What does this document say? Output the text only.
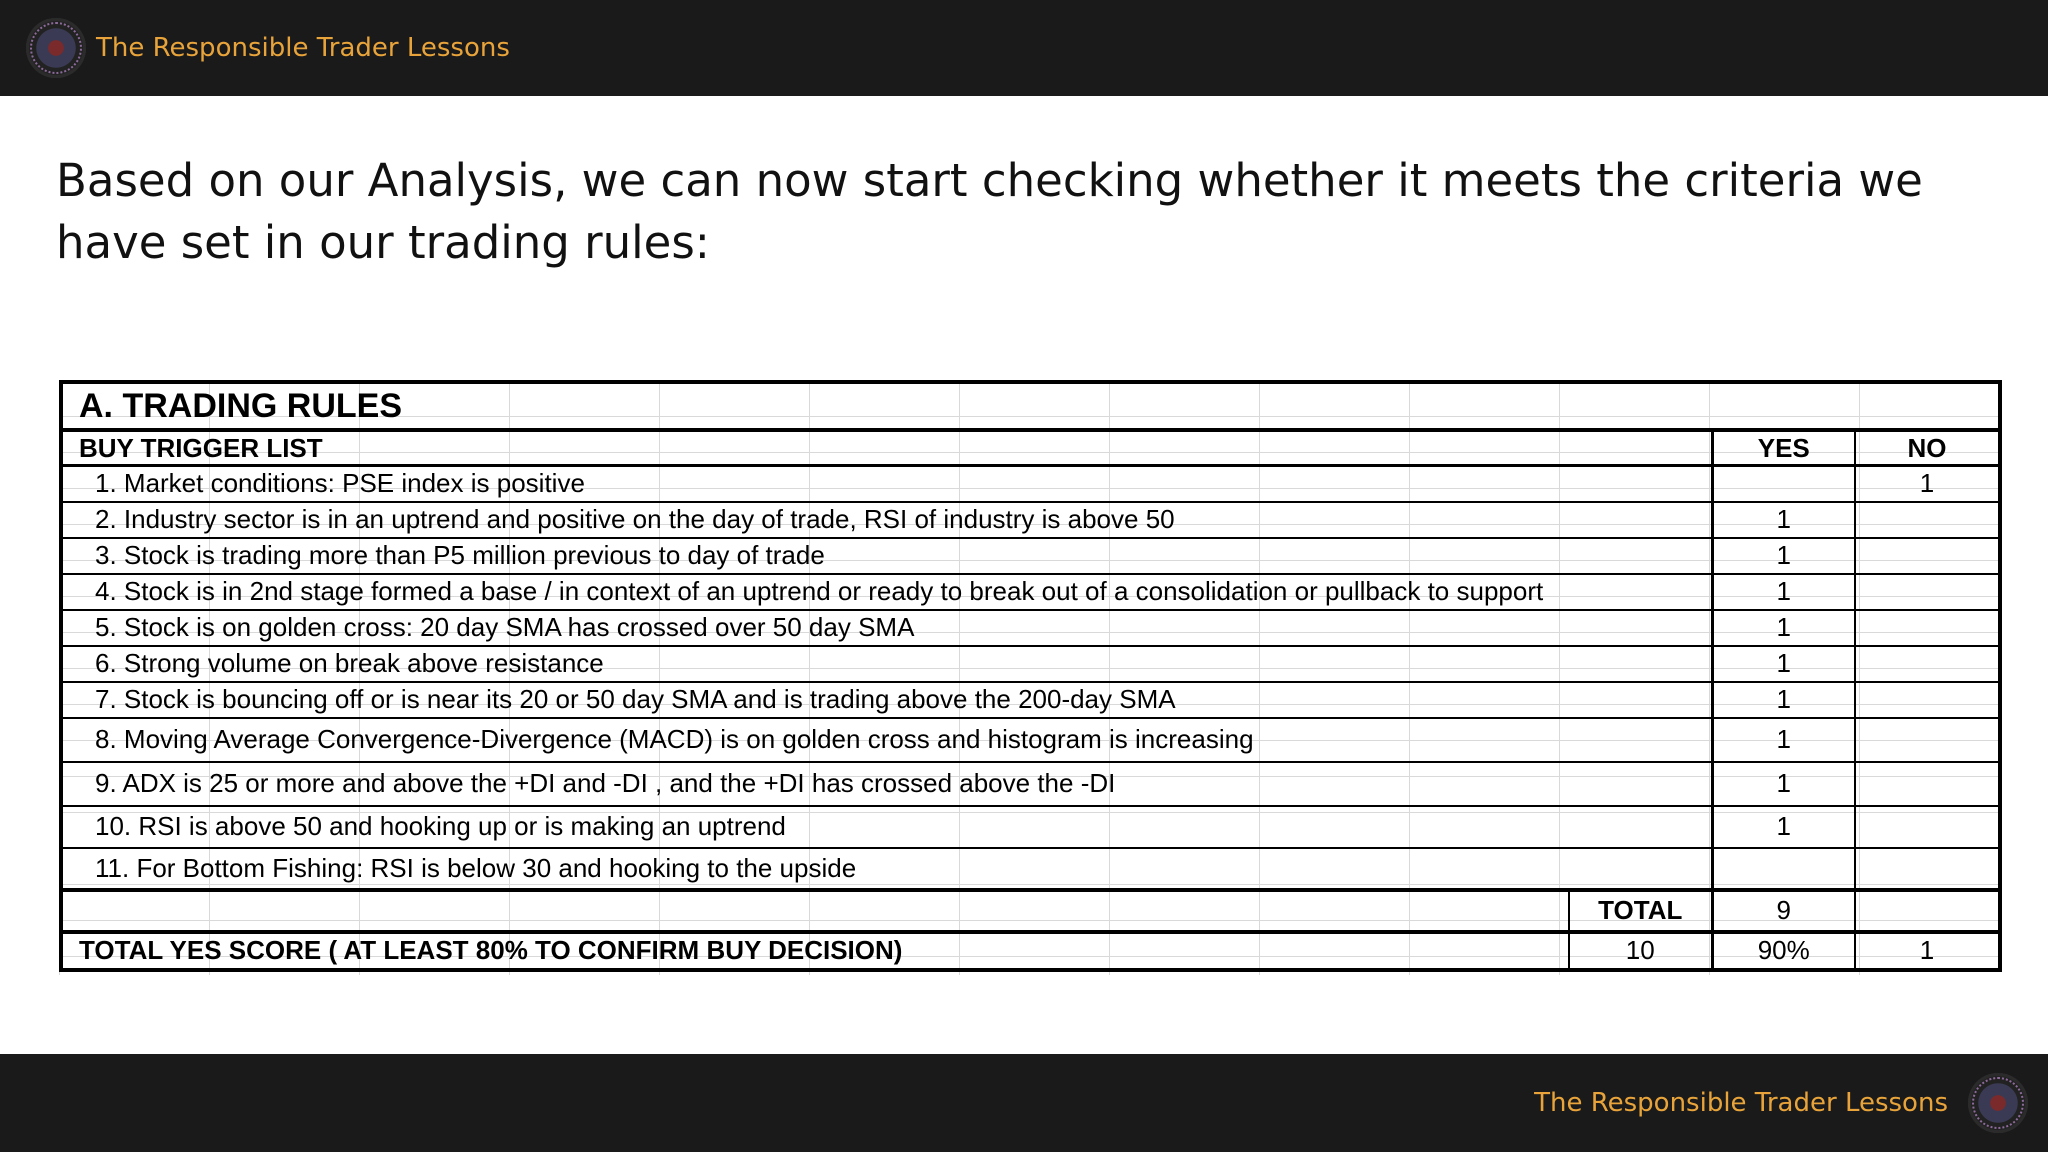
The Responsible Trader Lessons
Based on our Analysis, we can now start checking whether it meets the criteria we have set in our trading rules:
A. TRADING RULES			
BUY TRIGGER LIST		YES	NO
1. Market conditions: PSE index is positive			1
2. Industry sector is in an uptrend and positive on the day of trade, RSI of industry is above 50		1	
3. Stock is trading more than P5 million previous to day of trade		1	
4. Stock is in 2nd stage formed a base / in context of an uptrend or ready to break out of a consolidation or pullback to support		1	
5. Stock is on golden cross: 20 day SMA has crossed over 50 day SMA		1	
6. Strong volume on break above resistance		1	
7. Stock is bouncing off or is near its 20 or 50 day SMA and is trading above the 200-day SMA		1	
8. Moving Average Convergence-Divergence (MACD) is on golden cross and histogram is increasing		1	
9. ADX is 25 or more and above the +DI and -DI , and the +DI has crossed above the -DI		1	
10. RSI is above 50 and hooking up or is making an uptrend		1	
11. For Bottom Fishing: RSI is below 30 and hooking to the upside			
	TOTAL	9	
TOTAL YES SCORE ( AT LEAST 80% TO CONFIRM BUY DECISION)	10	90%	1
The Responsible Trader Lessons
